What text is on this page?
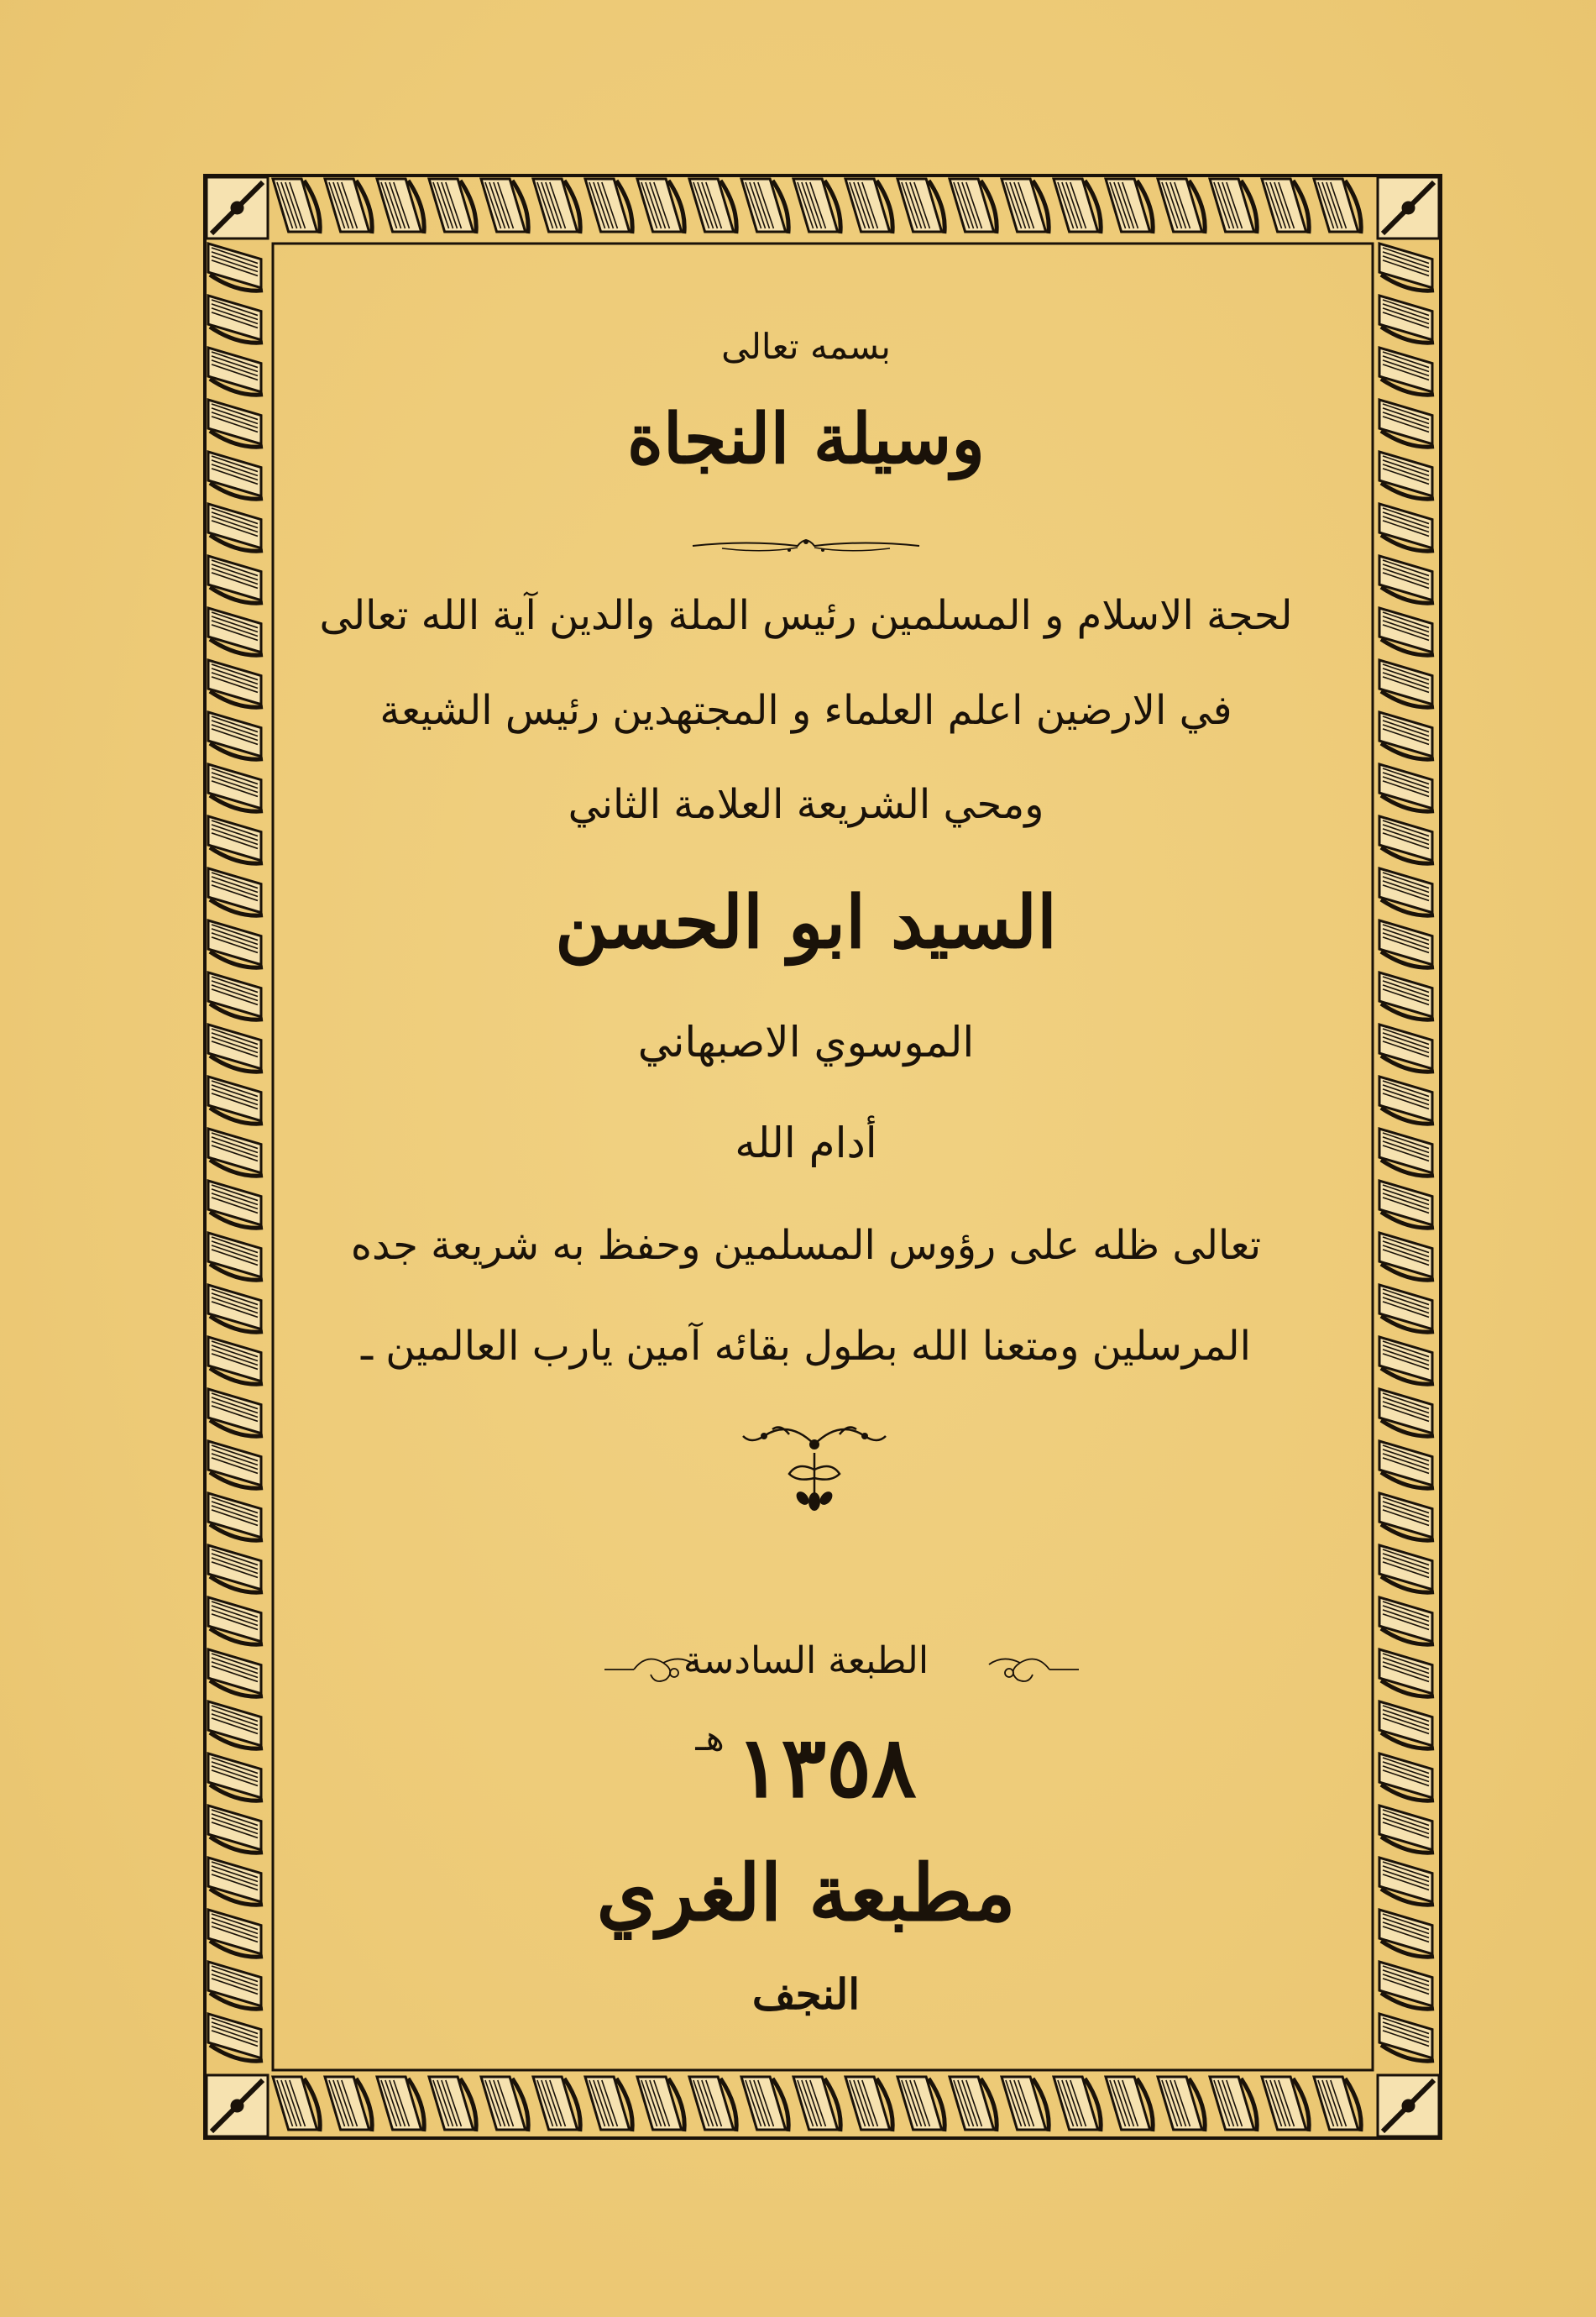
بسمه تعالى
وسيلة النجاة
لحجة الاسلام و المسلمين رئيس الملة والدين آية الله تعالى
في الارضين اعلم العلماء و المجتهدين رئيس الشيعة
ومحي الشريعة العلامة الثاني
السيد ابو الحسن
الموسوي الاصبهاني
أدام الله
تعالى ظله على رؤوس المسلمين وحفظ به شريعة جده
المرسلين ومتعنا الله بطول بقائه آمين يارب العالمين ـ
الطبعة السادسة
$١٣٥٨^{هـ}$
مطبعة الغري
النجف
